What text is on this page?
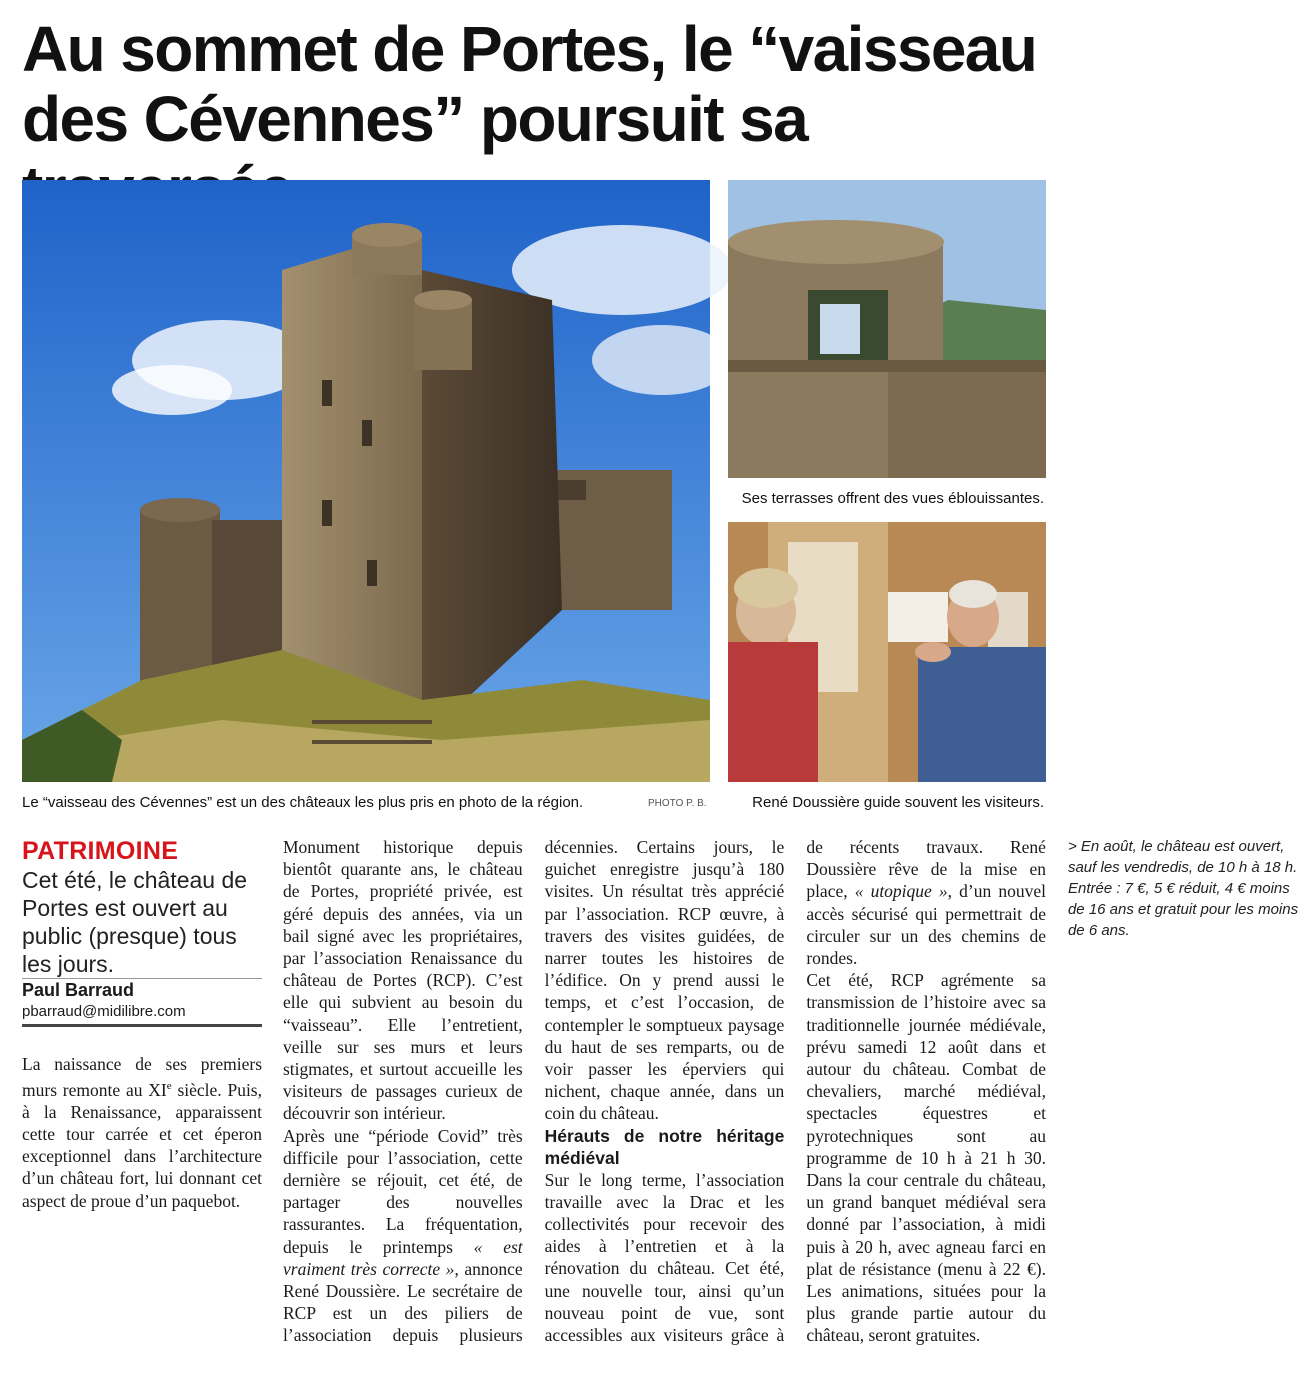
Au sommet de Portes, le “vaisseau des Cévennes” poursuit sa
Ses terrasses offrent des vues éblouissantes.
Le “vaisseau des Cévennes” est un des châteaux les plus pris en photo de la région.	PHOTO P. B.	René Doussière guide souvent les visiteurs.
PATRIMOINE

Cet été, le château de Portes est ouvert au public (presque) tous les jours.

Paul Barraud

pbarraud@midilibre.com

La naissance de ses premiers murs remonte au XIe siècle. Puis, à la Renaissance, apparaissent cette tour carrée et cet éperon exceptionnel dans l’architecture d’un château fort, lui donnant cet aspect de proue d’un paquebot.

Monument historique depuis bientôt quarante ans, le château de Portes, propriété privée, est géré depuis des années, via un bail signé avec les propriétaires, par l’association Renaissance du château de Portes (RCP). C’est elle qui subvient au besoin du “vaisseau”. Elle l’entretient, veille sur ses murs et leurs stigmates, et surtout accueille les visiteurs de passages curieux de découvrir son intérieur.

Après une “période Covid” très difficile pour l’association, cette dernière se réjouit, cet été, de partager des nouvelles rassurantes. La fréquentation, depuis le printemps « est vraiment très correcte », annonce René Doussière. Le secrétaire de RCP est un des piliers de l’association depuis plusieurs décennies. Certains jours, le guichet enregistre jusqu’à 180 visites. Un résultat très apprécié par l’association. RCP œuvre, à travers des visites guidées, de narrer toutes les histoires de l’édifice. On y prend aussi le temps, et c’est l’occasion, de contempler le somptueux paysage du haut de ses remparts, ou de voir passer les éperviers qui nichent, chaque année, dans un coin du château.

Hérauts de notre héritage médiéval

Sur le long terme, l’association travaille avec la Drac et les collectivités pour recevoir des aides à l’entretien et à la rénovation du château. Cet été, une nouvelle tour, ainsi qu’un nouveau point de vue, sont accessibles aux visiteurs grâce à de récents travaux. René Doussière rêve de la mise en place, « utopique », d’un nouvel accès sécurisé qui permettrait de circuler sur un des chemins de rondes.

Cet été, RCP agrémente sa transmission de l’histoire avec sa traditionnelle journée médiévale, prévu samedi 12 août dans et autour du château. Combat de chevaliers, marché médiéval, spectacles équestres et pyrotechniques sont au programme de 10 h à 21 h 30. Dans la cour centrale du château, un grand banquet médiéval sera donné par l’association, à midi puis à 20 h, avec agneau farci en plat de résistance (menu à 22 €). Les animations, situées pour la plus grande partie autour du château, seront gratuites.

> En août, le château est ouvert, sauf les vendredis, de 10 h à 18 h. Entrée : 7 €, 5 € réduit, 4 € moins de 16 ans et gratuit pour les moins de 6 ans.
